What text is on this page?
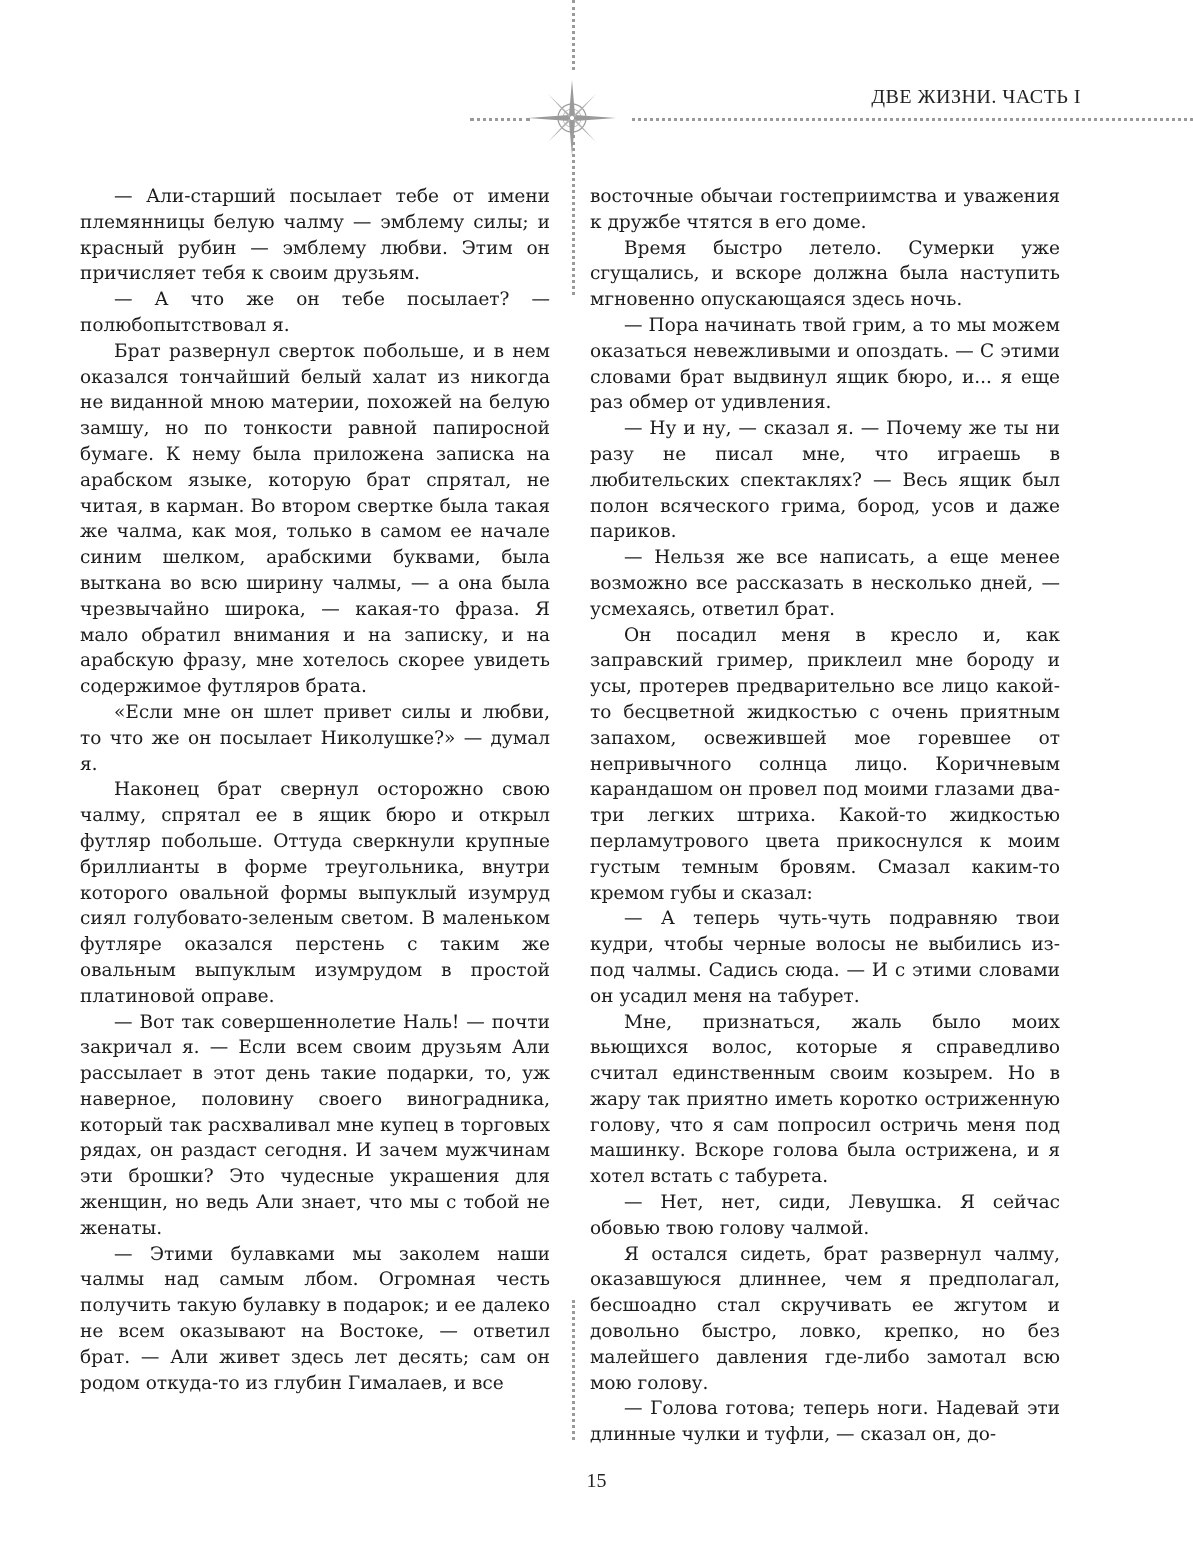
ДВЕ ЖИЗНИ. ЧАСТЬ I

— Али-старший посылает тебе от имени племянницы белую чалму — эмблему силы; и красный рубин — эмблему любви. Этим он причисляет тебя к своим друзьям.

— А что же он тебе посылает? — полюбопытствовал я.

Брат развернул сверток побольше, и в нем оказался тончайший белый халат из никогда не виданной мною материи, похожей на белую замшу, но по тонкости равной папиросной бумаге. К нему была приложена записка на арабском языке, которую брат спрятал, не читая, в карман. Во втором свертке была такая же чалма, как моя, только в самом ее начале синим шелком, арабскими буквами, была выткана во всю ширину чалмы, — а она была чрезвычайно широка, — какая-то фраза. Я мало обратил внимания и на записку, и на арабскую фразу, мне хотелось скорее увидеть содержимое футляров брата.

«Если мне он шлет привет силы и любви, то что же он посылает Николушке?» — думал я.

Наконец брат свернул осторожно свою чалму, спрятал ее в ящик бюро и открыл футляр побольше. Оттуда сверкнули крупные бриллианты в форме треугольника, внутри которого овальной формы выпуклый изумруд сиял голубовато-зеленым светом. В маленьком футляре оказался перстень с таким же овальным выпуклым изумрудом в простой платиновой оправе.

— Вот так совершеннолетие Наль! — почти закричал я. — Если всем своим друзьям Али рассылает в этот день такие подарки, то, уж наверное, половину своего виноградника, который так расхваливал мне купец в торговых рядах, он раздаст сегодня. И зачем мужчинам эти брошки? Это чудесные украшения для женщин, но ведь Али знает, что мы с тобой не женаты.

— Этими булавками мы заколем наши чалмы над самым лбом. Огромная честь получить такую булавку в подарок; и ее далеко не всем оказывают на Востоке, — ответил брат. — Али живет здесь лет десять; сам он родом откуда-то из глубин Гималаев, и все

восточные обычаи гостеприимства и уважения к дружбе чтятся в его доме.

Время быстро летело. Сумерки уже сгущались, и вскоре должна была наступить мгновенно опускающаяся здесь ночь.

— Пора начинать твой грим, а то мы можем оказаться невежливыми и опоздать. — С этими словами брат выдвинул ящик бюро, и... я еще раз обмер от удивления.

— Ну и ну, — сказал я. — Почему же ты ни разу не писал мне, что играешь в любительских спектаклях? — Весь ящик был полон всяческого грима, бород, усов и даже париков.

— Нельзя же все написать, а еще менее возможно все рассказать в несколько дней, — усмехаясь, ответил брат.

Он посадил меня в кресло и, как заправский гример, приклеил мне бороду и усы, протерев предварительно все лицо какой-то бесцветной жидкостью с очень приятным запахом, освежившей мое горевшее от непривычного солнца лицо. Коричневым карандашом он провел под моими глазами два-три легких штриха. Какой-то жидкостью перламутрового цвета прикоснулся к моим густым темным бровям. Смазал каким-то кремом губы и сказал:

— А теперь чуть-чуть подравняю твои кудри, чтобы черные волосы не выбились из-под чалмы. Садись сюда. — И с этими словами он усадил меня на табурет.

Мне, признаться, жаль было моих вьющихся волос, которые я справедливо считал единственным своим козырем. Но в жару так приятно иметь коротко остриженную голову, что я сам попросил остричь меня под машинку. Вскоре голова была острижена, и я хотел встать с табурета.

— Нет, нет, сиди, Левушка. Я сейчас обовью твою голову чалмой.

Я остался сидеть, брат развернул чалму, оказавшуюся длиннее, чем я предполагал, бесшоадно стал скручивать ее жгутом и довольно быстро, ловко, крепко, но без малейшего давления где-либо замотал всю мою голову.

— Голова готова; теперь ноги. Надевай эти длинные чулки и туфли, — сказал он, до-

15
